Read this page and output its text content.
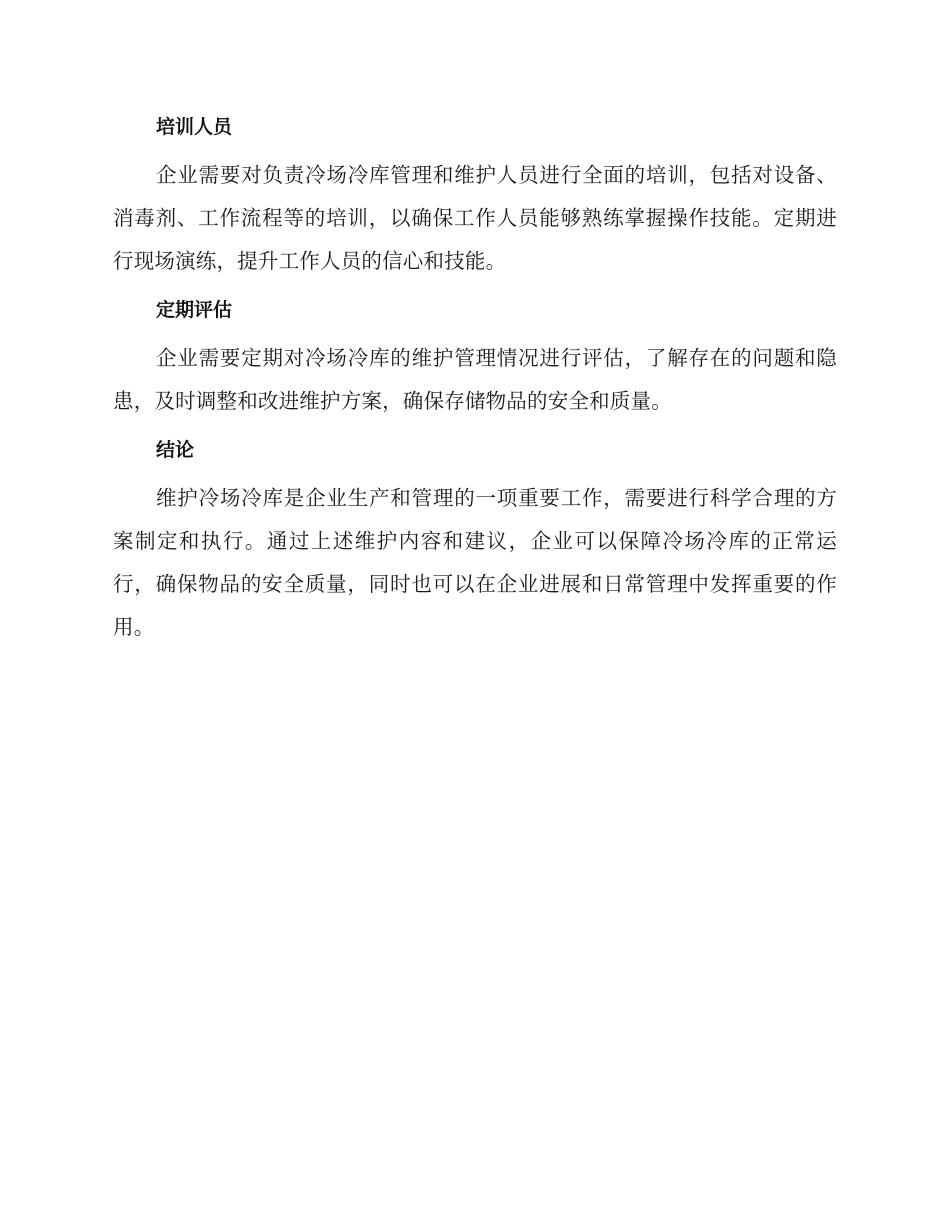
培训人员

企业需要对负责冷场冷库管理和维护人员进行全面的培训，包括对设备、消毒剂、工作流程等的培训，以确保工作人员能够熟练掌握操作技能。定期进行现场演练，提升工作人员的信心和技能。

定期评估

企业需要定期对冷场冷库的维护管理情况进行评估，了解存在的问题和隐患，及时调整和改进维护方案，确保存储物品的安全和质量。

结论

维护冷场冷库是企业生产和管理的一项重要工作，需要进行科学合理的方案制定和执行。通过上述维护内容和建议，企业可以保障冷场冷库的正常运行，确保物品的安全质量，同时也可以在企业进展和日常管理中发挥重要的作用。
